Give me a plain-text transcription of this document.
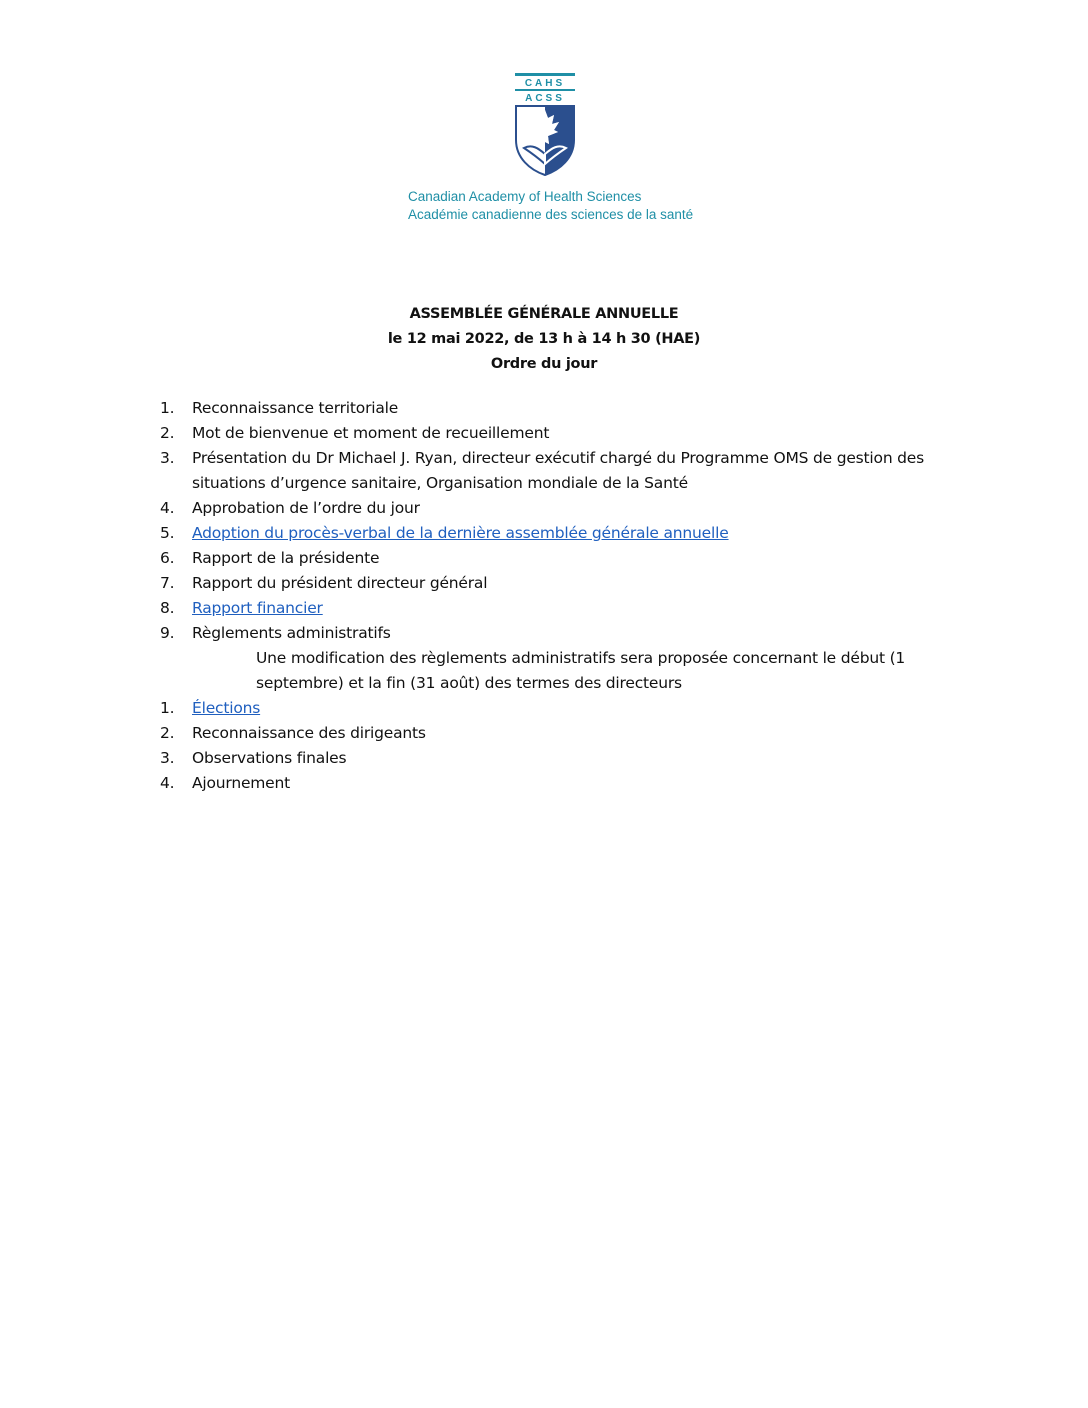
CAHS
ACSS
Canadian Academy of Health Sciences
Académie canadienne des sciences de la santé
ASSEMBLÉE GÉNÉRALE ANNUELLE
le 12 mai 2022, de 13 h à 14 h 30 (HAE)
Ordre du jour
1.	Reconnaissance territoriale
2.	Mot de bienvenue et moment de recueillement
3.	Présentation du Dr Michael J. Ryan, directeur exécutif chargé du Programme OMS de gestion des situations d’urgence sanitaire, Organisation mondiale de la Santé
4.	Approbation de l’ordre du jour
5.	Adoption du procès-verbal de la dernière assemblée générale annuelle
6.	Rapport de la présidente
7.	Rapport du président directeur général
8.	Rapport financier
9.	Règlements administratifs
Une modification des règlements administratifs sera proposée concernant le début (1 septembre) et la fin (31 août) des termes des directeurs
1.	Élections
2.	Reconnaissance des dirigeants
3.	Observations finales
4.	Ajournement
